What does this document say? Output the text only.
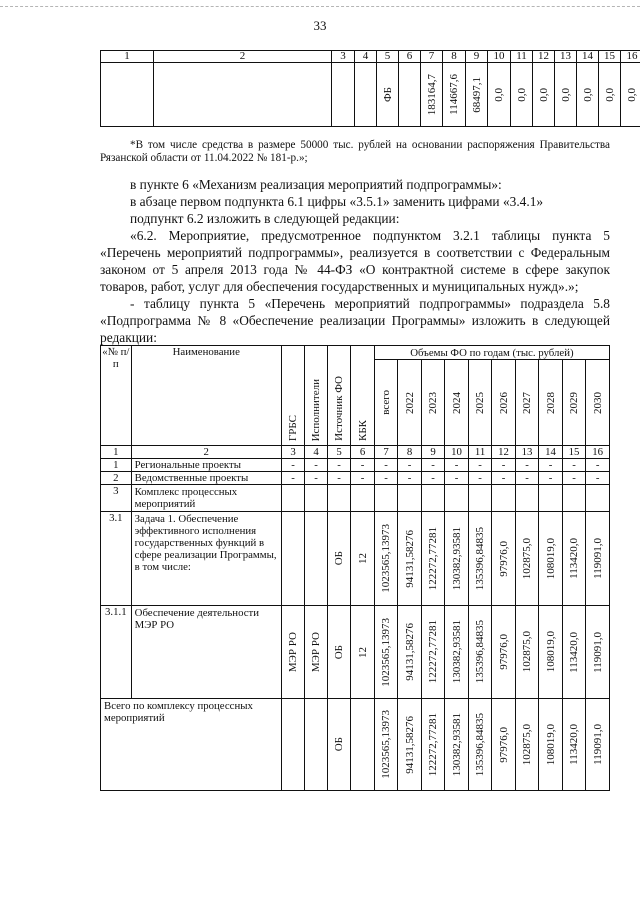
33
1	2	3	4	5	6	7	8	9	10	11	12	13	14	15	16

				ФБ		183164,7	114667,6	68497,1	0,0	0,0	0,0	0,0	0,0	0,0	0,0

*В том числе средства в размере 50000 тыс. рублей на основании распоряжения Правительства Рязанской области от 11.04.2022 № 181-р.»;

в пункте 6 «Механизм реализация мероприятий подпрограммы»:

в абзаце первом подпункта 6.1 цифры «3.5.1» заменить цифрами «3.4.1»

подпункт 6.2 изложить в следующей редакции:

«6.2. Мероприятие, предусмотренное подпунктом 3.2.1 таблицы пункта 5 «Перечень мероприятий подпрограммы», реализуется в соответствии с Федеральным законом от 5 апреля 2013 года № 44-ФЗ «О контрактной системе в сфере закупок товаров, работ, услуг для обеспечения государственных и муниципальных нужд».»;

- таблицу пункта 5 «Перечень мероприятий подпрограммы» подраздела 5.8 «Подпрограмма № 8 «Обеспечение реализации Программы» изложить в следующей редакции:

«№ п/п	Наименование	ГРБС	Исполнители	Источник ФО	КБК	Объемы ФО по годам (тыс. рублей)									

						всего	2022	2023	2024	2025	2026	2027	2028	2029	2030

1	2	3	4	5	6	7	8	9	10	11	12	13	14	15	16
1	Региональные проекты	-	-	-	-	-	-	-	-	-	-	-	-	-	-
2	Ведомственные проекты	-	-	-	-	-	-	-	-	-	-	-	-	-	-
3	Комплекс процессных мероприятий														
3.1	Задача 1. Обеспечение эффективного исполнения государственных функций в сфере реализации Программы, в том числе:			ОБ	12	1023565,13973	94131,58276	122272,77281	130382,93581	135396,84835	97976,0	102875,0	108019,0	113420,0	119091,0

3.1.1	Обеспечение деятельности МЭР РО	МЭР РО	МЭР РО	ОБ	12	1023565,13973	94131,58276	122272,77281	130382,93581	135396,84835	97976,0	102875,0	108019,0	113420,0	119091,0

Всего по комплексу процессных мероприятий				ОБ		1023565,13973	94131,58276	122272,77281	130382,93581	135396,84835	97976,0	102875,0	108019,0	113420,0	119091,0
